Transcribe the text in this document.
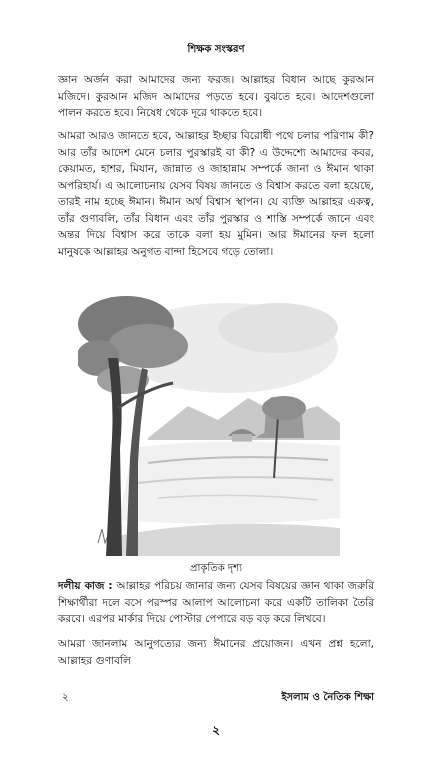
শিক্ষক সংস্করণ

জ্ঞান অর্জন করা আমাদের জন্য ফরজ। আল্লাহর বিধান আছে কুরআন মজিদে। কুরআন মজিদ আমাদের পড়তে হবে। বুঝতে হবে। আদেশগুলো পালন করতে হবে। নিষেধ থেকে দূরে থাকতে হবে।

আমরা আরও জানতে হবে, আল্লাহর ইচ্ছার বিরোধী পথে চলার পরিণাম কী? আর তাঁর আদেশ মেনে চলার পুরস্কারই বা কী? এ উদ্দেশ্যে আমাদের কবর, কেয়ামত, হাশর, মিযান, জান্নাত ও জাহান্নাম সম্পর্কে জানা ও ঈমান থাকা অপরিহার্য। এ আলোচনায় যেসব বিষয় জানতে ও বিশ্বাস করতে বলা হয়েছে, তারই নাম হচ্ছে ঈমান। ঈমান অর্থ বিশ্বাস স্থাপন। যে ব্যক্তি আল্লাহর একত্ব, তাঁর গুণাবলি, তাঁর বিধান এবং তাঁর পুরস্কার ও শাস্তি সম্পর্কে জানে এবং অন্তর দিয়ে বিশ্বাস করে তাকে বলা হয় মুমিন। আর ঈমানের ফল হলো মানুষকে আল্লাহর অনুগত বান্দা হিসেবে গড়ে তোলা।

প্রাকৃতিক দৃশ্য

দলীয় কাজ : আল্লাহর পরিচয় জানার জন্য যেসব বিষয়ের জ্ঞান থাকা জরুরি শিক্ষার্থীরা দলে বসে পরস্পর আলাপ আলোচনা করে একটি তালিকা তৈরি করবে। এরপর মার্কার দিয়ে পোস্টার পেপারে বড় বড় করে লিখবে।

আমরা জানলাম আনুগত্যের জন্য ঈমানের প্রয়োজন। এখন প্রশ্ন হলো, আল্লাহর গুণাবলি

২	ইসলাম ও নৈতিক শিক্ষা
২
